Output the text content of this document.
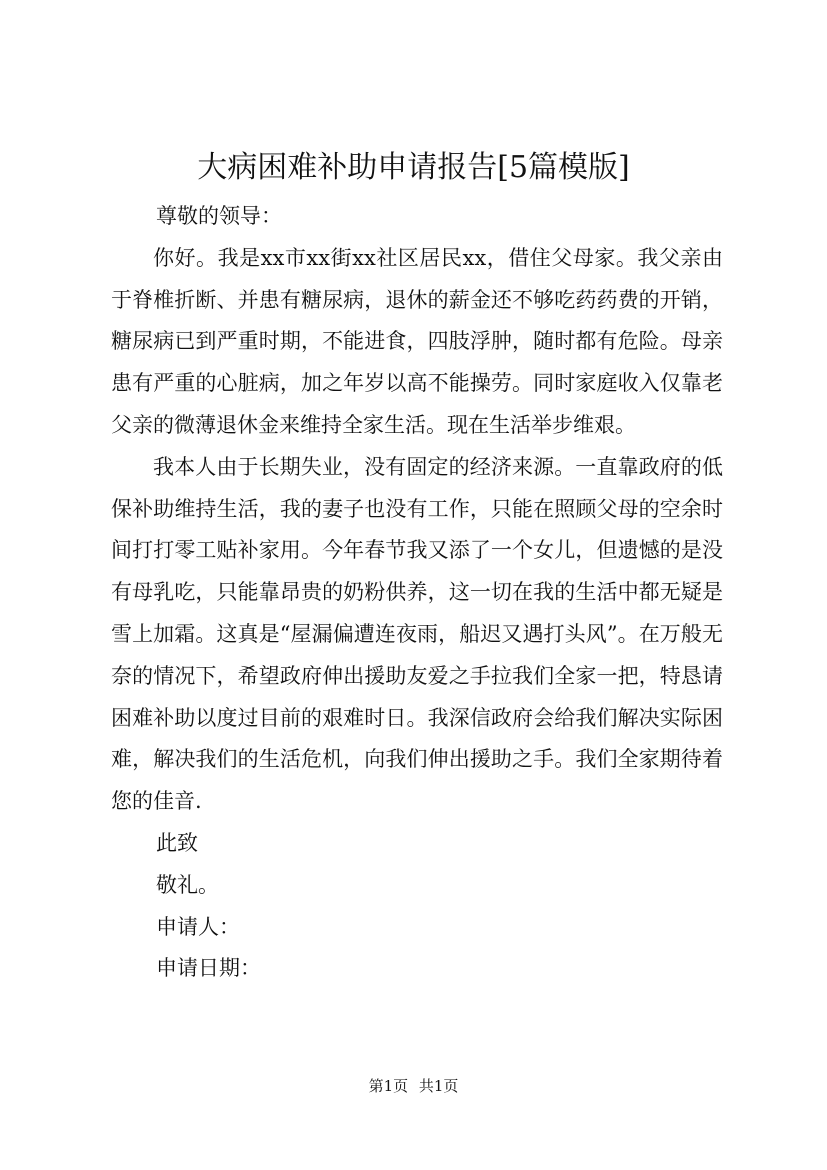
大病困难补助申请报告[5篇模版]

尊敬的领导：

你好。我是xx市xx街xx社区居民xx，借住父母家。我父亲由于脊椎折断、并患有糖尿病，退休的薪金还不够吃药药费的开销，糖尿病已到严重时期，不能进食，四肢浮肿，随时都有危险。母亲患有严重的心脏病，加之年岁以高不能操劳。同时家庭收入仅靠老父亲的微薄退休金来维持全家生活。现在生活举步维艰。

我本人由于长期失业，没有固定的经济来源。一直靠政府的低保补助维持生活，我的妻子也没有工作，只能在照顾父母的空余时间打打零工贴补家用。今年春节我又添了一个女儿，但遗憾的是没有母乳吃，只能靠昂贵的奶粉供养，这一切在我的生活中都无疑是雪上加霜。这真是“屋漏偏遭连夜雨，船迟又遇打头风”。在万般无奈的情况下，希望政府伸出援助友爱之手拉我们全家一把，特恳请困难补助以度过目前的艰难时日。我深信政府会给我们解决实际困难，解决我们的生活危机，向我们伸出援助之手。我们全家期待着您的佳音.

此致

敬礼。

申请人：

申请日期：

第1页 共1页
